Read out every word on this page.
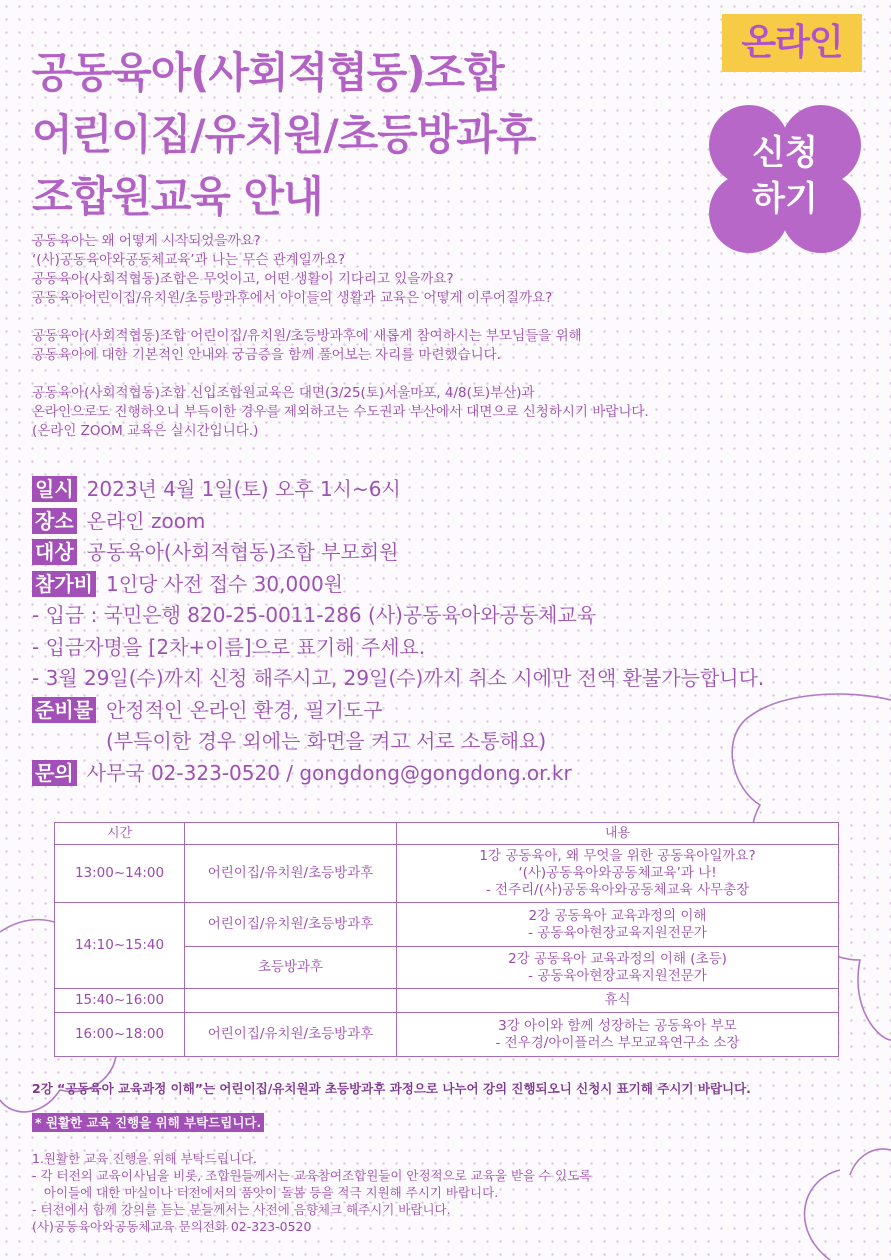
공동육아(사회적협동)조합
어린이집/유치원/초등방과후
조합원교육 안내
온라인
신청
하기

공동육아는 왜 어떻게 시작되었을까요?
‘(사)공동육아와공동체교육’과 나는 무슨 관계일까요?
공동육아(사회적협동)조합은 무엇이고, 어떤 생활이 기다리고 있을까요?
공동육아어린이집/유치원/초등방과후에서 아이들의 생활과 교육은 어떻게 이루어질까요?

공동육아(사회적협동)조합 어린이집/유치원/초등방과후에 새롭게 참여하시는 부모님들을 위해
공동육아에 대한 기본적인 안내와 궁금증을 함께 풀어보는 자리를 마련했습니다.

공동육아(사회적협동)조합 신입조합원교육은 대면(3/25(토)서울마포, 4/8(토)부산)과
온라인으로도 진행하오니 부득이한 경우를 제외하고는 수도권과 부산에서 대면으로 신청하시기 바랍니다.
(온라인 ZOOM 교육은 실시간입니다.)

일시 2023년 4월 1일(토) 오후 1시~6시
장소 온라인 zoom
대상 공동육아(사회적협동)조합 부모회원
참가비 1인당 사전 접수 30,000원
- 입금 : 국민은행 820-25-0011-286 (사)공동육아와공동체교육
- 입금자명을 [2차+이름]으로 표기해 주세요.
- 3월 29일(수)까지 신청 해주시고, 29일(수)까지 취소 시에만 전액 환불가능합니다.
준비물 안정적인 온라인 환경, 필기도구
(부득이한 경우 외에는 화면을 켜고 서로 소통해요)
문의 사무국 02-323-0520 / gongdong@gongdong.or.kr
시간		내용
13:00~14:00	어린이집/유치원/초등방과후	1강 공동육아, 왜 무엇을 위한 공동육아일까요?
‘(사)공동육아와공동체교육’과 나!
- 전주리/(사)공동육아와공동체교육 사무총장
14:10~15:40	어린이집/유치원/초등방과후	2강 공동육아 교육과정의 이해
- 공동육아현장교육지원전문가
	초등방과후	2강 공동육아 교육과정의 이해 (초등)
- 공동육아현장교육지원전문가
15:40~16:00		휴식
16:00~18:00	어린이집/유치원/초등방과후	3강 아이와 함께 성장하는 공동육아 부모
- 전우경/아이플러스 부모교육연구소 소장
2강 “공동육아 교육과정 이해”는 어린이집/유치원과 초등방과후 과정으로 나누어 강의 진행되오니 신청시 표기해 주시기 바랍니다.
* 원활한 교육 진행을 위해 부탁드립니다.
1.원활한 교육 진행을 위해 부탁드립니다.
- 각 터전의 교육이사님을 비롯, 조합원들께서는 교육참여조합원들이 안정적으로 교육을 받을 수 있도록
아이들에 대한 마실이나 터전에서의 품앗이 돌봄 등을 적극 지원해 주시기 바랍니다.
- 터전에서 함께 강의를 듣는 분들께서는 사전에 음향체크 해주시기 바랍니다.
(사)공동육아와공동체교육 문의전화 02-323-0520
